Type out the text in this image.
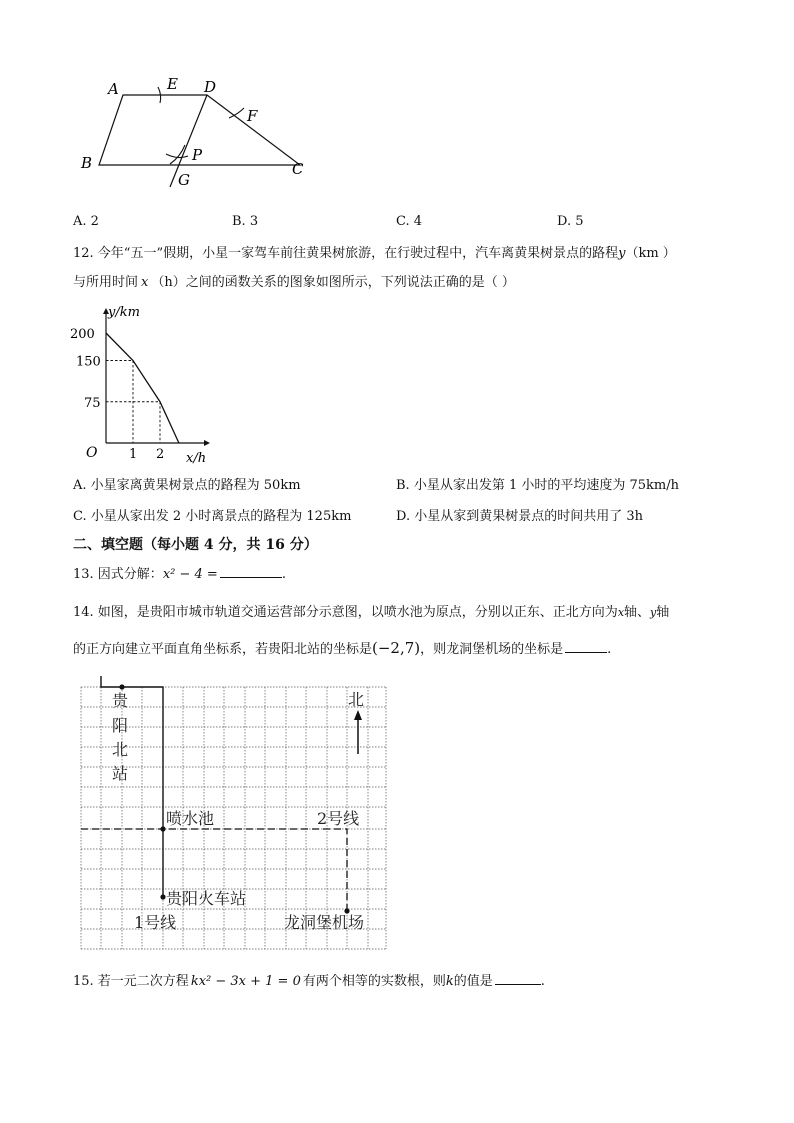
A	E D
F
B	P
G
C
A. 2	B. 3	C. 4	D. 5
12. 今年“五一”假期，小星一家驾车前往黄果树旅游，在行驶过程中，汽车离黄果树景点的路程y（km ）
与所用时间 x （h）之间的函数关系的图象如图所示，下列说法正确的是（ ）
1 2
75
150
200
O
y/km
x/h
A. 小星家离黄果树景点的路程为 50km	B. 小星从家出发第 1 小时的平均速度为 75km/h
C. 小星从家出发 2 小时离景点的路程为 125km	D. 小星从家到黄果树景点的时间共用了 3h
二、填空题（每小题 4 分，共 16 分）
13. 因式分解：x² − 4 =	.
14. 如图，是贵阳市城市轨道交通运营部分示意图，以喷水池为原点，分别以正东、正北方向为x轴、y轴
的正方向建立平面直角坐标系，若贵阳北站的坐标是(−2,7)，则龙洞堡机场的坐标是	.
贵
阳
北
站
北
喷水池	2号线
贵阳火车站
1号线	龙洞堡机场
15. 若一元二次方程 kx² − 3x + 1 = 0 有两个相等的实数根，则k的值是	.
